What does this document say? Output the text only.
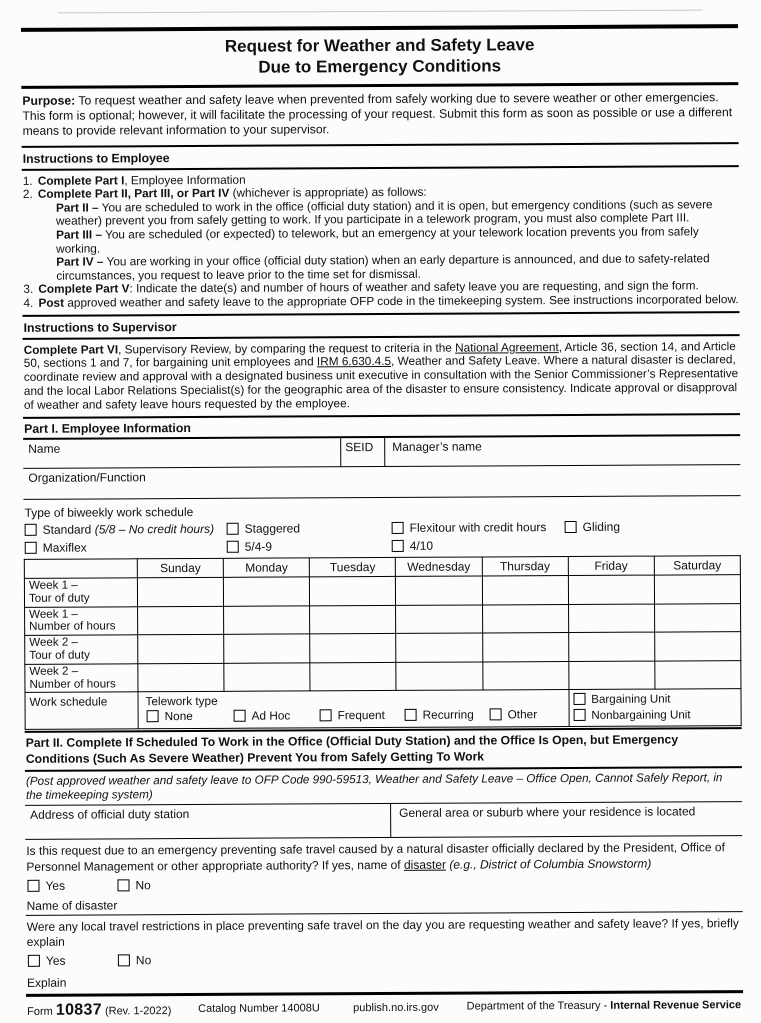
Request for Weather and Safety Leave
Due to Emergency Conditions
Purpose: To request weather and safety leave when prevented from safely working due to severe weather or other emergencies. This form is optional; however, it will facilitate the processing of your request. Submit this form as soon as possible or use a different means to provide relevant information to your supervisor.
Instructions to Employee
1. Complete Part I, Employee Information
2. Complete Part II, Part III, or Part IV (whichever is appropriate) as follows:
Part II – You are scheduled to work in the office (official duty station) and it is open, but emergency conditions (such as severe weather) prevent you from safely getting to work. If you participate in a telework program, you must also complete Part III.
Part III – You are scheduled (or expected) to telework, but an emergency at your telework location prevents you from safely working.
Part IV – You are working in your office (official duty station) when an early departure is announced, and due to safety-related circumstances, you request to leave prior to the time set for dismissal.
3. Complete Part V: Indicate the date(s) and number of hours of weather and safety leave you are requesting, and sign the form.
4. Post approved weather and safety leave to the appropriate OFP code in the timekeeping system. See instructions incorporated below.
Instructions to Supervisor
Complete Part VI, Supervisory Review, by comparing the request to criteria in the National Agreement, Article 36, section 14, and Article 50, sections 1 and 7, for bargaining unit employees and IRM 6.630.4.5, Weather and Safety Leave. Where a natural disaster is declared, coordinate review and approval with a designated business unit executive in consultation with the Senior Commissioner’s Representative and the local Labor Relations Specialist(s) for the geographic area of the disaster to ensure consistency. Indicate approval or disapproval of weather and safety leave hours requested by the employee.
Part I. Employee Information
Name	SEID	Manager’s name
Organization/Function
Type of biweekly work schedule
Standard (5/8 – No credit hours)	Staggered	Flexitour with credit hours	Gliding
Maxiflex	5/4-9	4/10
	Sunday	Monday	Tuesday	Wednesday	Thursday	Friday	Saturday

Week 1 –
Tour of duty							

Week 1 –
Number of hours							

Week 2 –
Tour of duty							

Week 2 –
Number of hours							

Work schedule	Telework type
None	Ad Hoc	Frequent	Recurring	Other

Bargaining Unit
Nonbargaining Unit
Part II. Complete If Scheduled To Work in the Office (Official Duty Station) and the Office Is Open, but Emergency Conditions (Such As Severe Weather) Prevent You from Safely Getting To Work
(Post approved weather and safety leave to OFP Code 990-59513, Weather and Safety Leave – Office Open, Cannot Safely Report, in the timekeeping system)
Address of official duty station	General area or suburb where your residence is located
Is this request due to an emergency preventing safe travel caused by a natural disaster officially declared by the President, Office of Personnel Management or other appropriate authority? If yes, name of disaster (e.g., District of Columbia Snowstorm)
Yes	No
Name of disaster
Were any local travel restrictions in place preventing safe travel on the day you are requesting weather and safety leave? If yes, briefly explain
Yes	No
Explain
Form 10837 (Rev. 1-2022) Catalog Number 14008U	publish.no.irs.gov	Department of the Treasury - Internal Revenue Service
